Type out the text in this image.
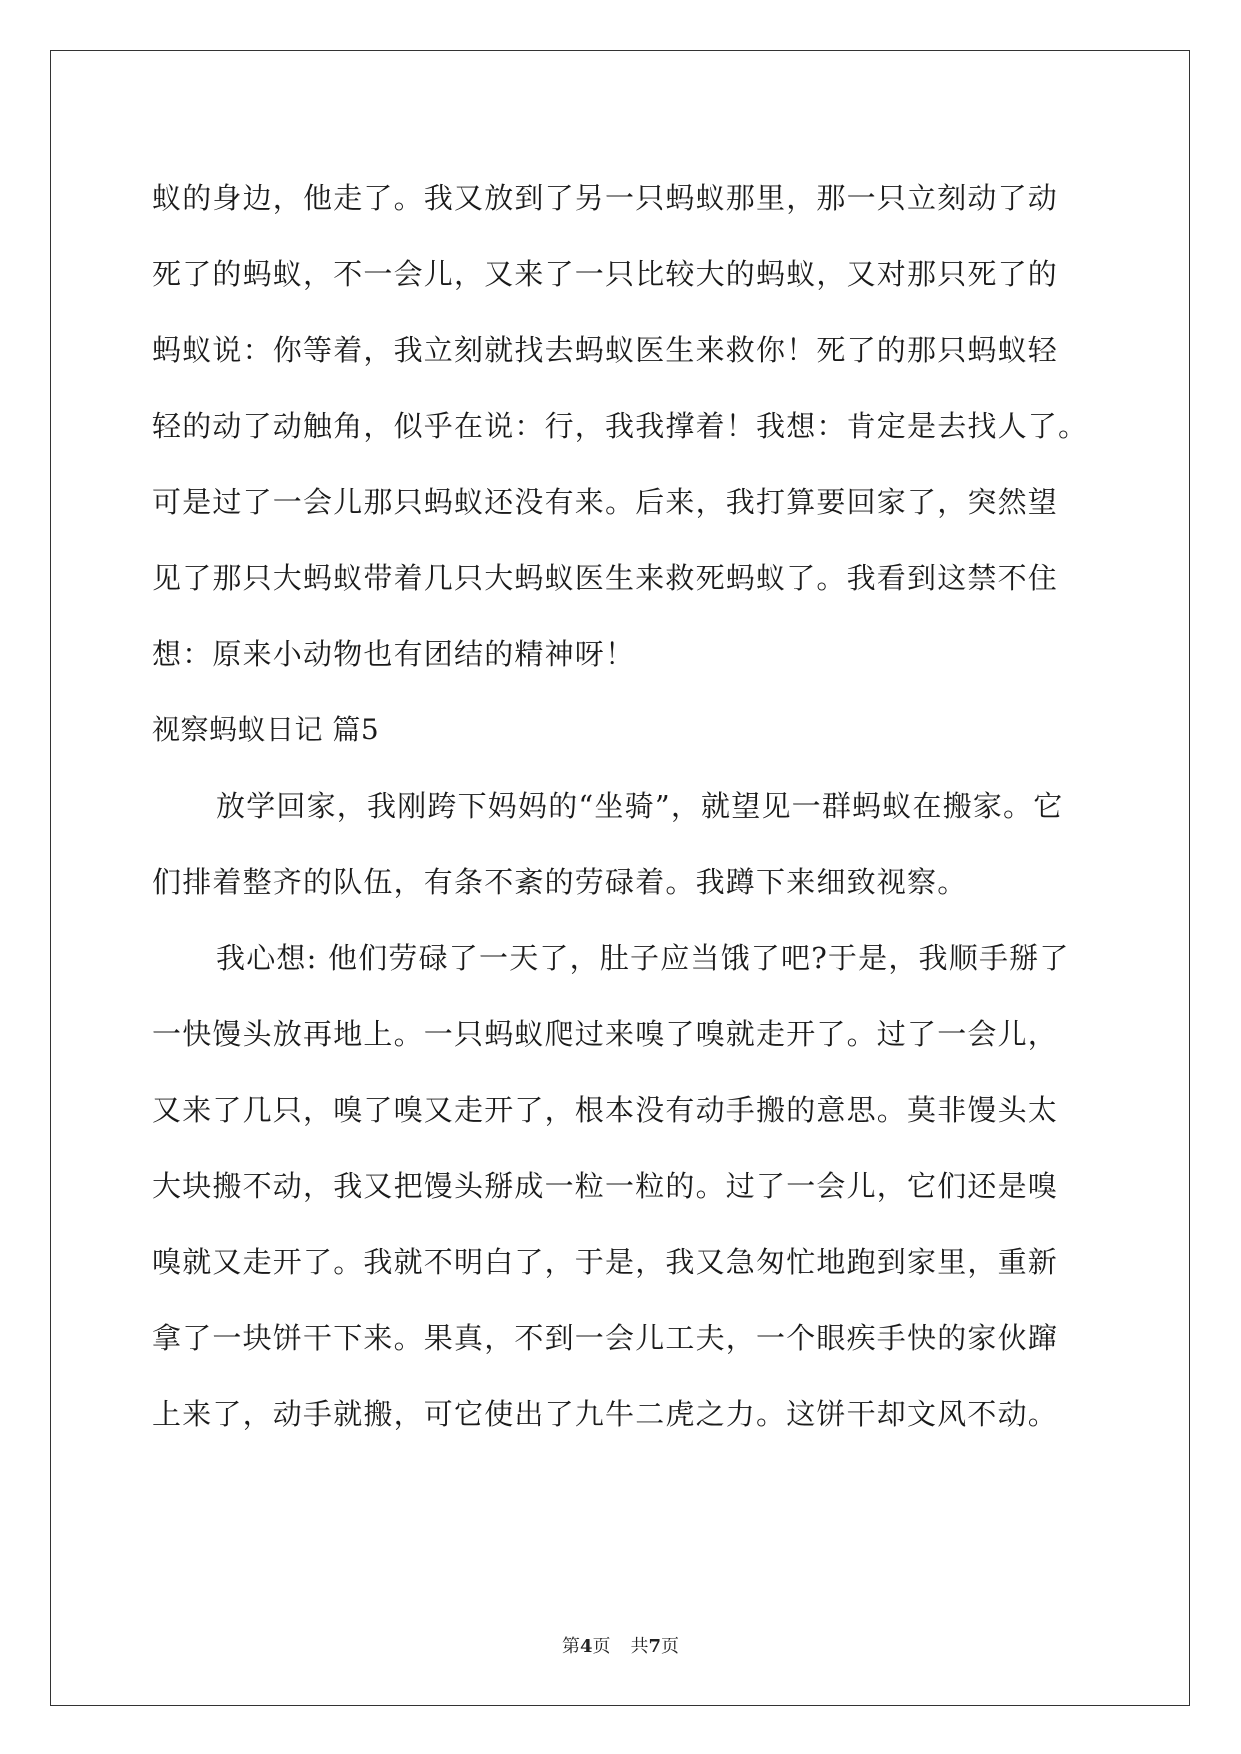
蚁的身边，他走了。我又放到了另一只蚂蚁那里，那一只立刻动了动
死了的蚂蚁，不一会儿，又来了一只比较大的蚂蚁，又对那只死了的
蚂蚁说：你等着，我立刻就找去蚂蚁医生来救你！死了的那只蚂蚁轻
轻的动了动触角，似乎在说：行，我我撑着！我想：肯定是去找人了。
可是过了一会儿那只蚂蚁还没有来。后来，我打算要回家了，突然望
见了那只大蚂蚁带着几只大蚂蚁医生来救死蚂蚁了。我看到这禁不住
想：原来小动物也有团结的精神呀！
视察蚂蚁日记 篇5
放学回家，我刚跨下妈妈的“坐骑”，就望见一群蚂蚁在搬家。它
们排着整齐的队伍，有条不紊的劳碌着。我蹲下来细致视察。
我心想: 他们劳碌了一天了，肚子应当饿了吧?于是，我顺手掰了
一快馒头放再地上。一只蚂蚁爬过来嗅了嗅就走开了。过了一会儿，
又来了几只，嗅了嗅又走开了，根本没有动手搬的意思。莫非馒头太
大块搬不动，我又把馒头掰成一粒一粒的。过了一会儿，它们还是嗅
嗅就又走开了。我就不明白了，于是，我又急匆忙地跑到家里，重新
拿了一块饼干下来。果真，不到一会儿工夫，一个眼疾手快的家伙蹿
上来了，动手就搬，可它使出了九牛二虎之力。这饼干却文风不动。
第4页 共7页
